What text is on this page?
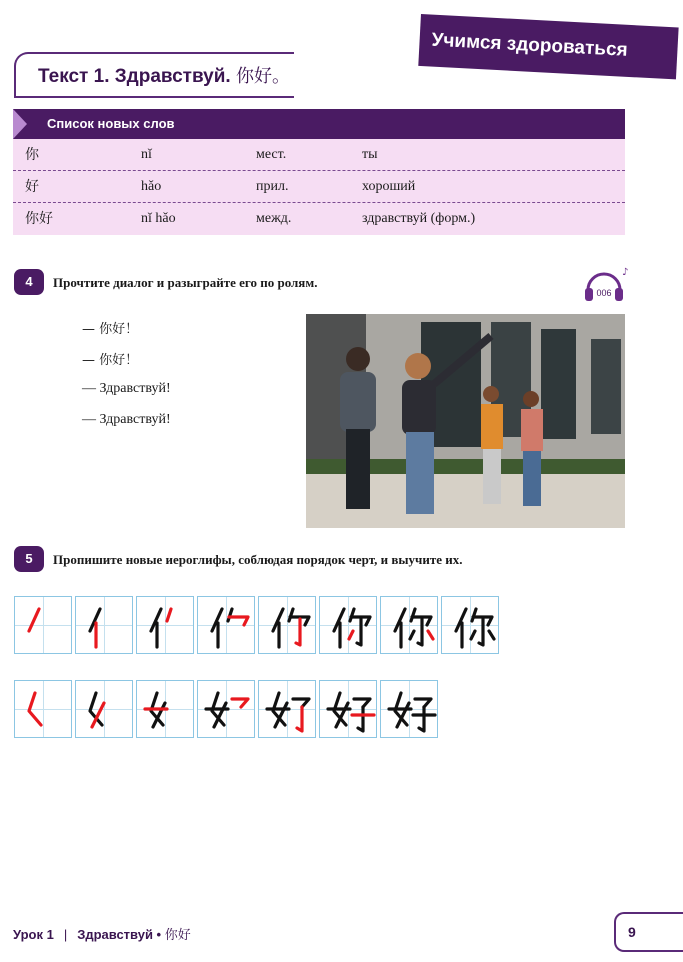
Учимся здороваться
Текст 1. Здравствуй. 你好。
Список новых слов
你	nǐ	мест.	ты
好	hǎo	прил.	хороший
你好	nǐ hǎo	межд.	здравствуй (форм.)
4	Прочтите диалог и разыграйте его по ролям.
006
♪
— 你好！
— 你好！
— Здравствуй!
— Здравствуй!
5	Пропишите новые иероглифы, соблюдая порядок черт, и выучите их.
Урок 1 | Здравствуй • 你好	9
